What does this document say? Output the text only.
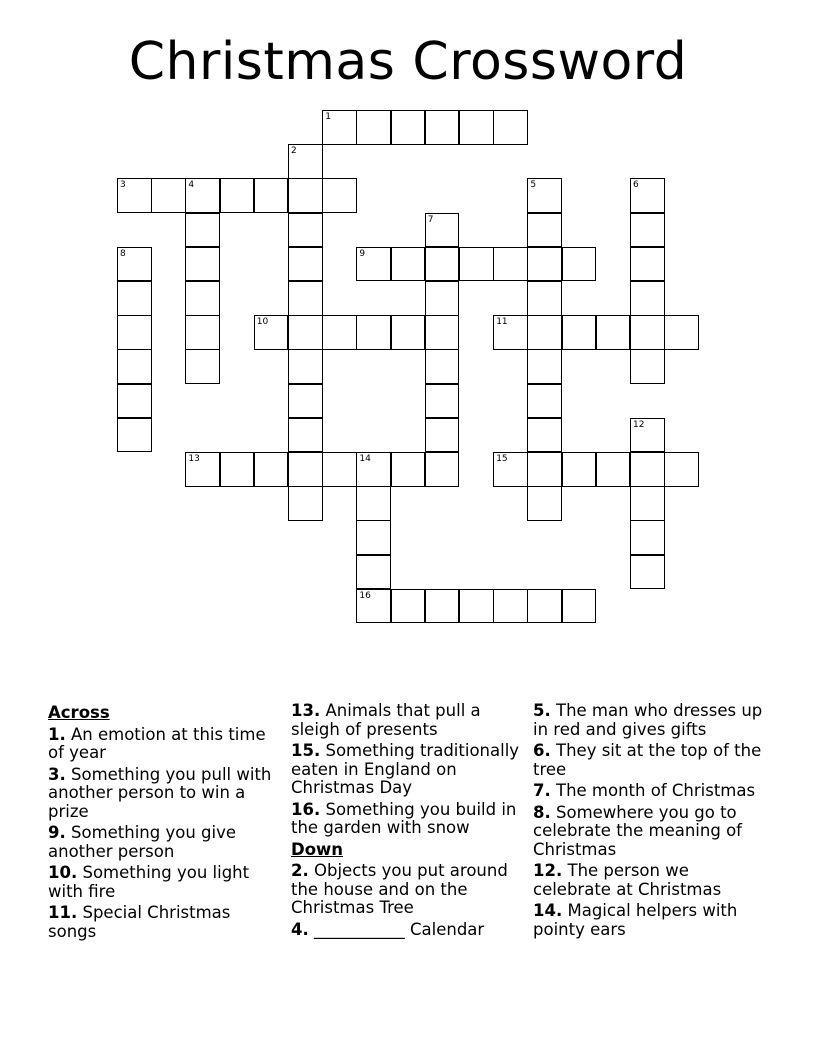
Christmas Crossword
1
2
3	4	5	6
7
8	9
10	11
12
13	14
16
15
Across
1. An emotion at this time of year
3. Something you pull with another person to win a prize
9. Something you give another person
10. Something you light with fire
11. Special Christmas songs
13. Animals that pull a sleigh of presents
15. Something traditionally eaten in England on Christmas Day
16. Something you build in the garden with snow
Down
2. Objects you put around the house and on the Christmas Tree
4. ___________ Calendar
5. The man who dresses up in red and gives gifts
6. They sit at the top of the tree
7. The month of Christmas
8. Somewhere you go to celebrate the meaning of Christmas
12. The person we celebrate at Christmas
14. Magical helpers with pointy ears
